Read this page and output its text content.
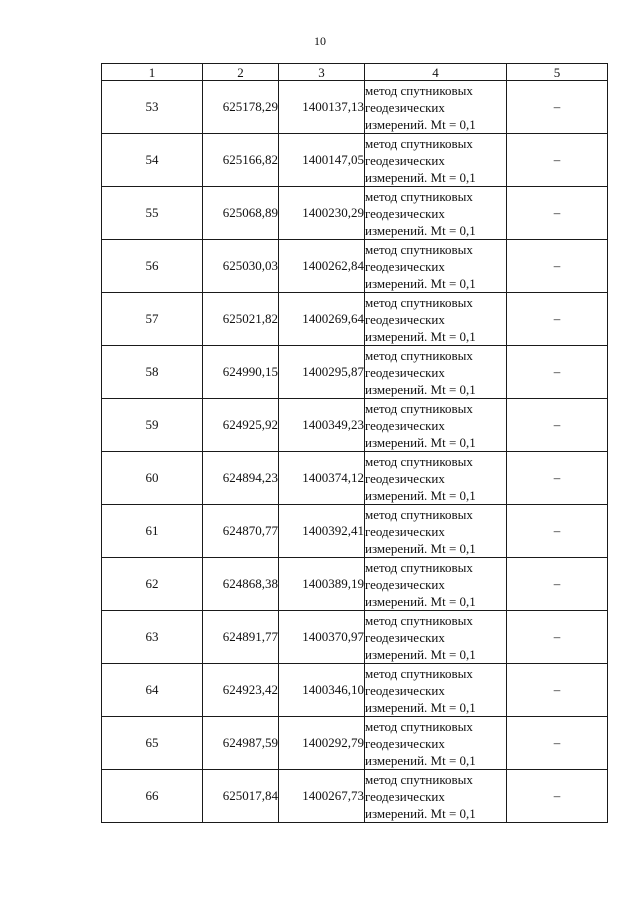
10
1	2	3	4	5
53	625178,29	1400137,13	метод спутниковых
геодезических
измерений. Mt = 0,1	–
54	625166,82	1400147,05	метод спутниковых
геодезических
измерений. Mt = 0,1	–
55	625068,89	1400230,29	метод спутниковых
геодезических
измерений. Mt = 0,1	–
56	625030,03	1400262,84	метод спутниковых
геодезических
измерений. Mt = 0,1	–
57	625021,82	1400269,64	метод спутниковых
геодезических
измерений. Mt = 0,1	–
58	624990,15	1400295,87	метод спутниковых
геодезических
измерений. Mt = 0,1	–
59	624925,92	1400349,23	метод спутниковых
геодезических
измерений. Mt = 0,1	–
60	624894,23	1400374,12	метод спутниковых
геодезических
измерений. Mt = 0,1	–
61	624870,77	1400392,41	метод спутниковых
геодезических
измерений. Mt = 0,1	–
62	624868,38	1400389,19	метод спутниковых
геодезических
измерений. Mt = 0,1	–
63	624891,77	1400370,97	метод спутниковых
геодезических
измерений. Mt = 0,1	–
64	624923,42	1400346,10	метод спутниковых
геодезических
измерений. Mt = 0,1	–
65	624987,59	1400292,79	метод спутниковых
геодезических
измерений. Mt = 0,1	–
66	625017,84	1400267,73	метод спутниковых
геодезических
измерений. Mt = 0,1	–
